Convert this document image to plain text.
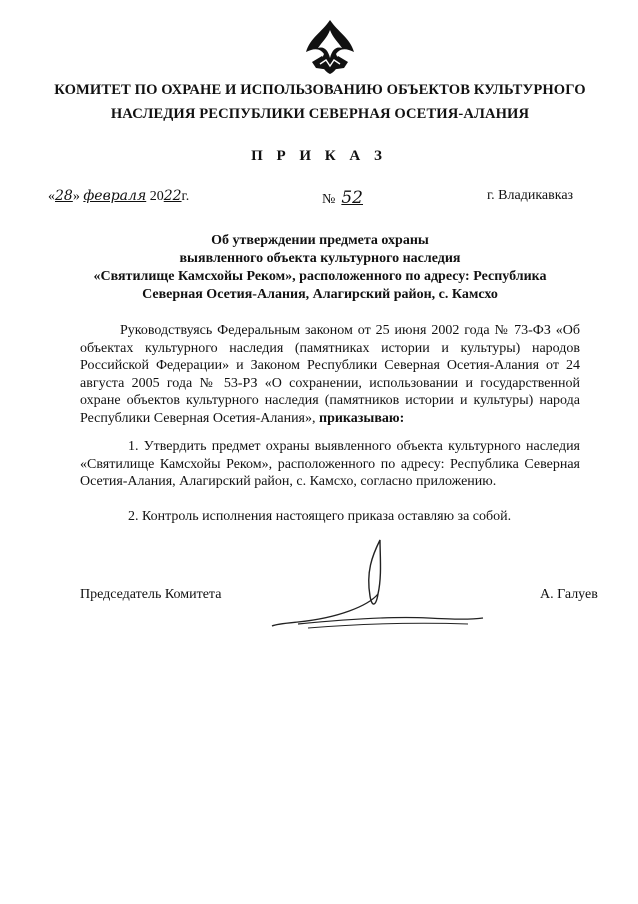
КОМИТЕТ ПО ОХРАНЕ И ИСПОЛЬЗОВАНИЮ ОБЪЕКТОВ КУЛЬТУРНОГО
НАСЛЕДИЯ РЕСПУБЛИКИ СЕВЕРНАЯ ОСЕТИЯ-АЛАНИЯ
П Р И К А З
«28» февраля 2022г.	№ 52	г. Владикавказ
Об утверждении предмета охраны
выявленного объекта культурного наследия
«Святилище Камсхойы Реком», расположенного по адресу: Республика
Северная Осетия-Алания, Алагирский район, с. Камсхо
Руководствуясь Федеральным законом от 25 июня 2002 года № 73-ФЗ «Об объектах культурного наследия (памятниках истории и культуры) народов Российской Федерации» и Законом Республики Северная Осетия-Алания от 24 августа 2005 года № 53-РЗ «О сохранении, использовании и государственной охране объектов культурного наследия (памятников истории и культуры) народа Республики Северная Осетия-Алания», приказываю:
1. Утвердить предмет охраны выявленного объекта культурного наследия «Святилище Камсхойы Реком», расположенного по адресу: Республика Северная Осетия-Алания, Алагирский район, с. Камсхо, согласно приложению.
2. Контроль исполнения настоящего приказа оставляю за собой.
Председатель Комитета	А. Галуев
